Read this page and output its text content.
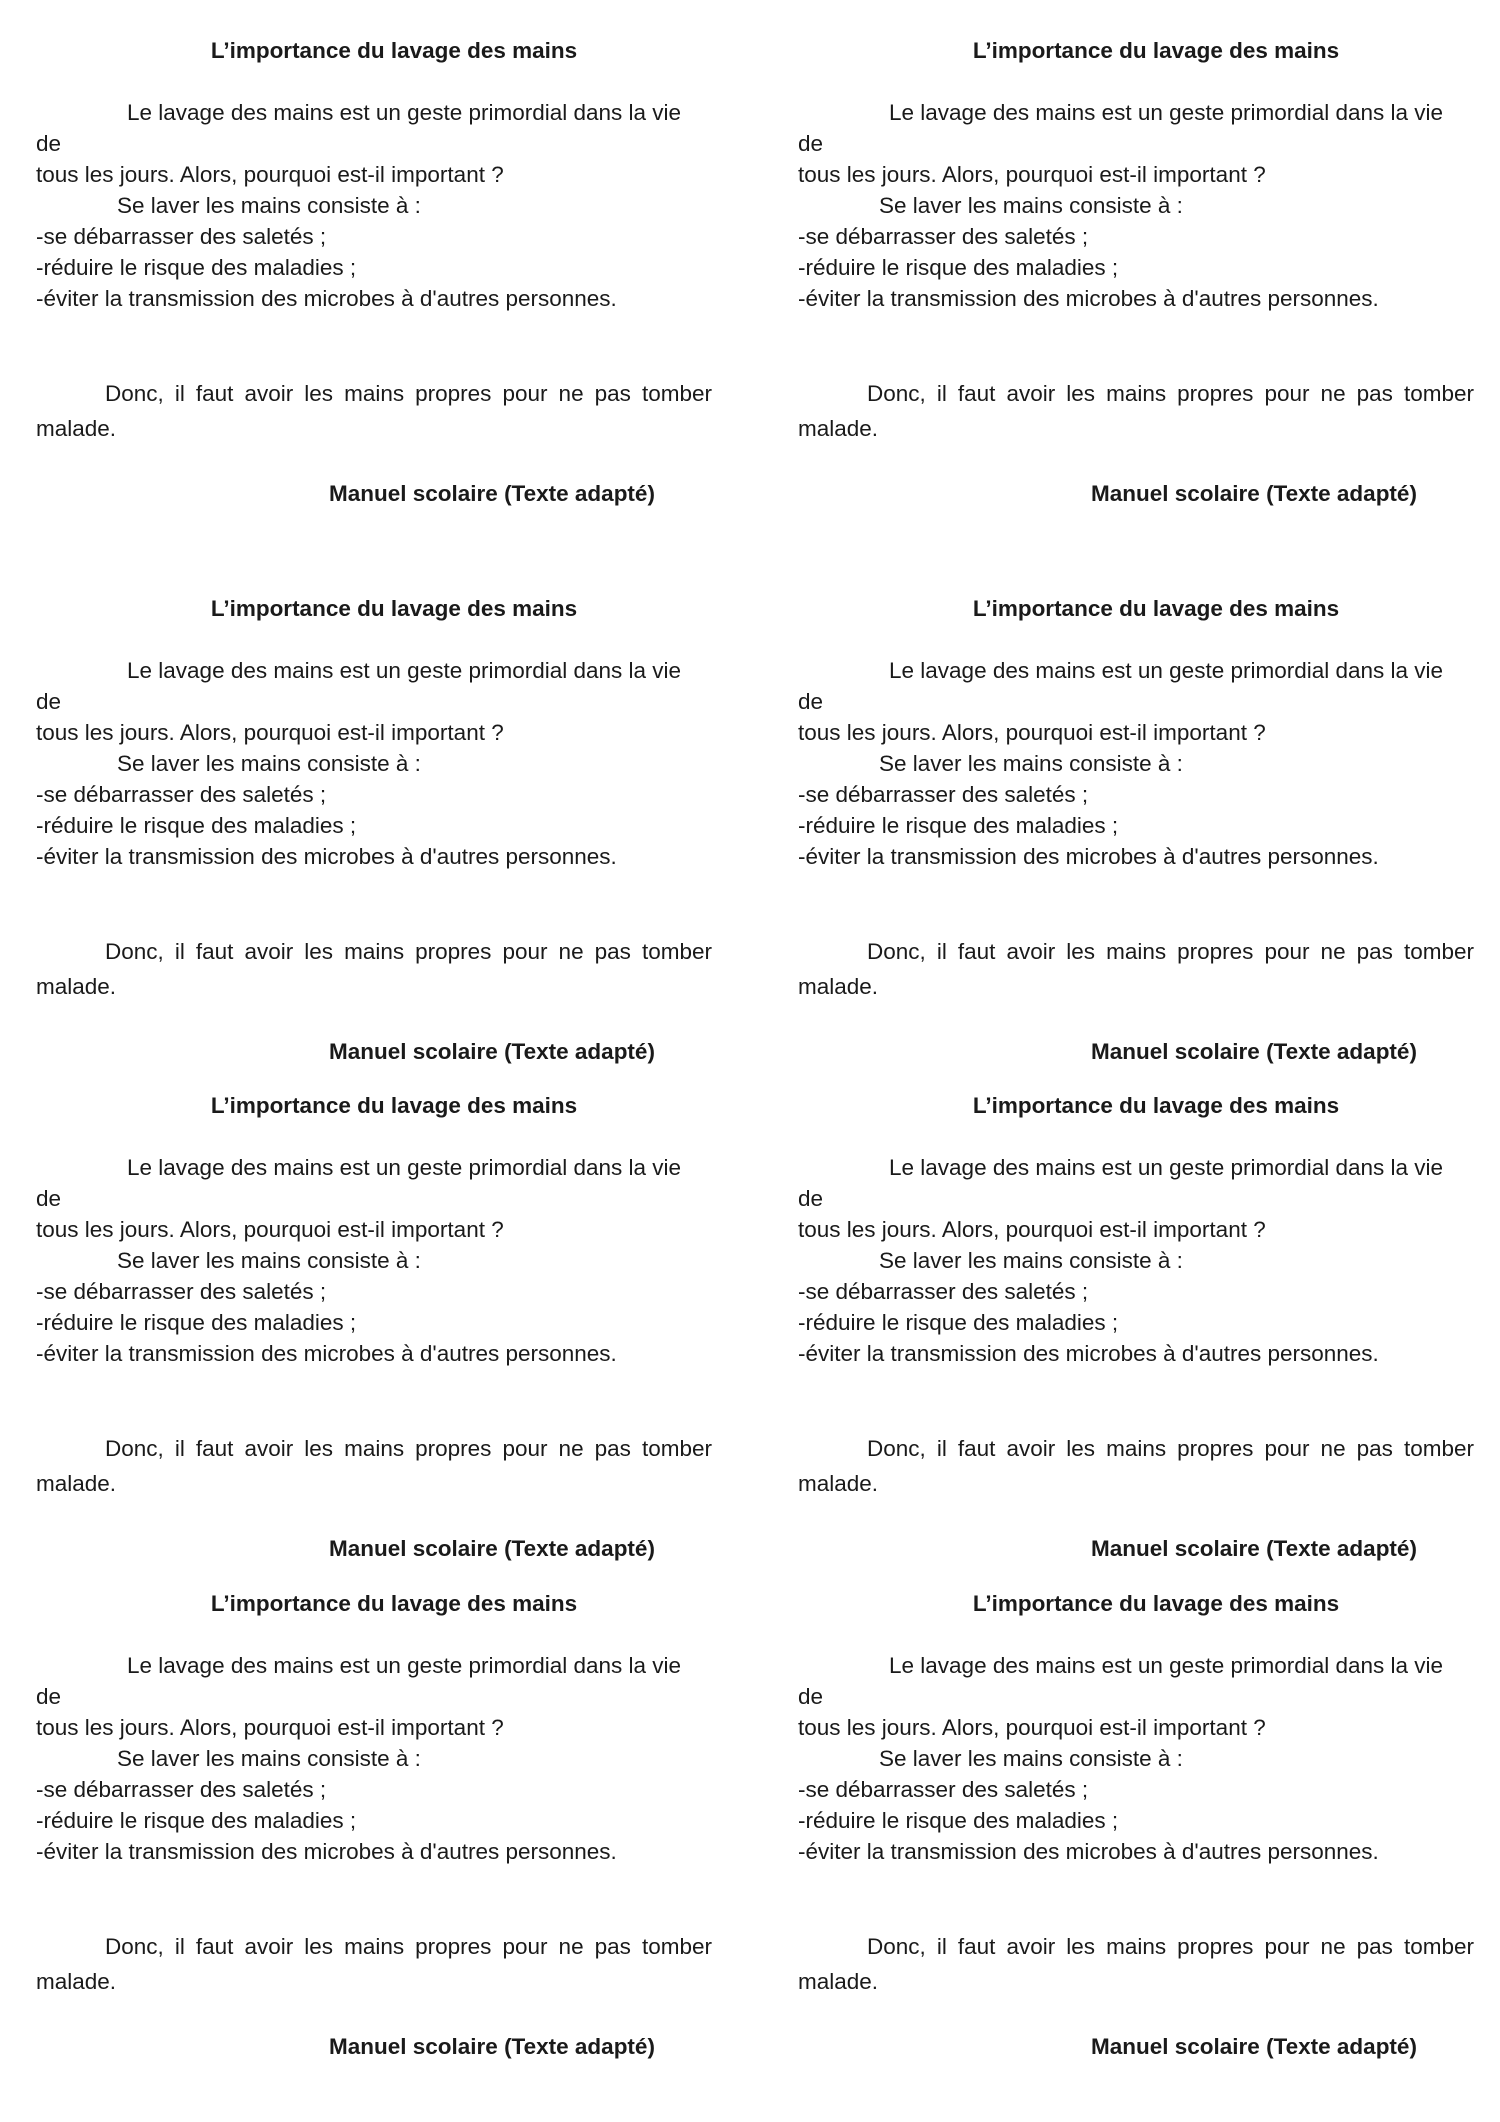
L’importance du lavage des mains
Le lavage des mains est un geste primordial dans la vie de
tous les jours. Alors, pourquoi est-il important ?
Se laver les mains consiste à :
-se débarrasser des saletés ;
-réduire le risque des maladies ;
-éviter la transmission des microbes à d'autres personnes.
Donc, il faut avoir les mains propres pour ne pas tomber malade.
Manuel scolaire (Texte adapté)
L’importance du lavage des mains
Le lavage des mains est un geste primordial dans la vie de
tous les jours. Alors, pourquoi est-il important ?
Se laver les mains consiste à :
-se débarrasser des saletés ;
-réduire le risque des maladies ;
-éviter la transmission des microbes à d'autres personnes.
Donc, il faut avoir les mains propres pour ne pas tomber malade.
Manuel scolaire (Texte adapté)
L’importance du lavage des mains
Le lavage des mains est un geste primordial dans la vie de
tous les jours. Alors, pourquoi est-il important ?
Se laver les mains consiste à :
-se débarrasser des saletés ;
-réduire le risque des maladies ;
-éviter la transmission des microbes à d'autres personnes.
Donc, il faut avoir les mains propres pour ne pas tomber malade.
Manuel scolaire (Texte adapté)
L’importance du lavage des mains
Le lavage des mains est un geste primordial dans la vie de
tous les jours. Alors, pourquoi est-il important ?
Se laver les mains consiste à :
-se débarrasser des saletés ;
-réduire le risque des maladies ;
-éviter la transmission des microbes à d'autres personnes.
Donc, il faut avoir les mains propres pour ne pas tomber malade.
Manuel scolaire (Texte adapté)
L’importance du lavage des mains
Le lavage des mains est un geste primordial dans la vie de
tous les jours. Alors, pourquoi est-il important ?
Se laver les mains consiste à :
-se débarrasser des saletés ;
-réduire le risque des maladies ;
-éviter la transmission des microbes à d'autres personnes.
Donc, il faut avoir les mains propres pour ne pas tomber malade.
Manuel scolaire (Texte adapté)
L’importance du lavage des mains
Le lavage des mains est un geste primordial dans la vie de
tous les jours. Alors, pourquoi est-il important ?
Se laver les mains consiste à :
-se débarrasser des saletés ;
-réduire le risque des maladies ;
-éviter la transmission des microbes à d'autres personnes.
Donc, il faut avoir les mains propres pour ne pas tomber malade.
Manuel scolaire (Texte adapté)
L’importance du lavage des mains
Le lavage des mains est un geste primordial dans la vie de
tous les jours. Alors, pourquoi est-il important ?
Se laver les mains consiste à :
-se débarrasser des saletés ;
-réduire le risque des maladies ;
-éviter la transmission des microbes à d'autres personnes.
Donc, il faut avoir les mains propres pour ne pas tomber malade.
Manuel scolaire (Texte adapté)
L’importance du lavage des mains
Le lavage des mains est un geste primordial dans la vie de
tous les jours. Alors, pourquoi est-il important ?
Se laver les mains consiste à :
-se débarrasser des saletés ;
-réduire le risque des maladies ;
-éviter la transmission des microbes à d'autres personnes.
Donc, il faut avoir les mains propres pour ne pas tomber malade.
Manuel scolaire (Texte adapté)
